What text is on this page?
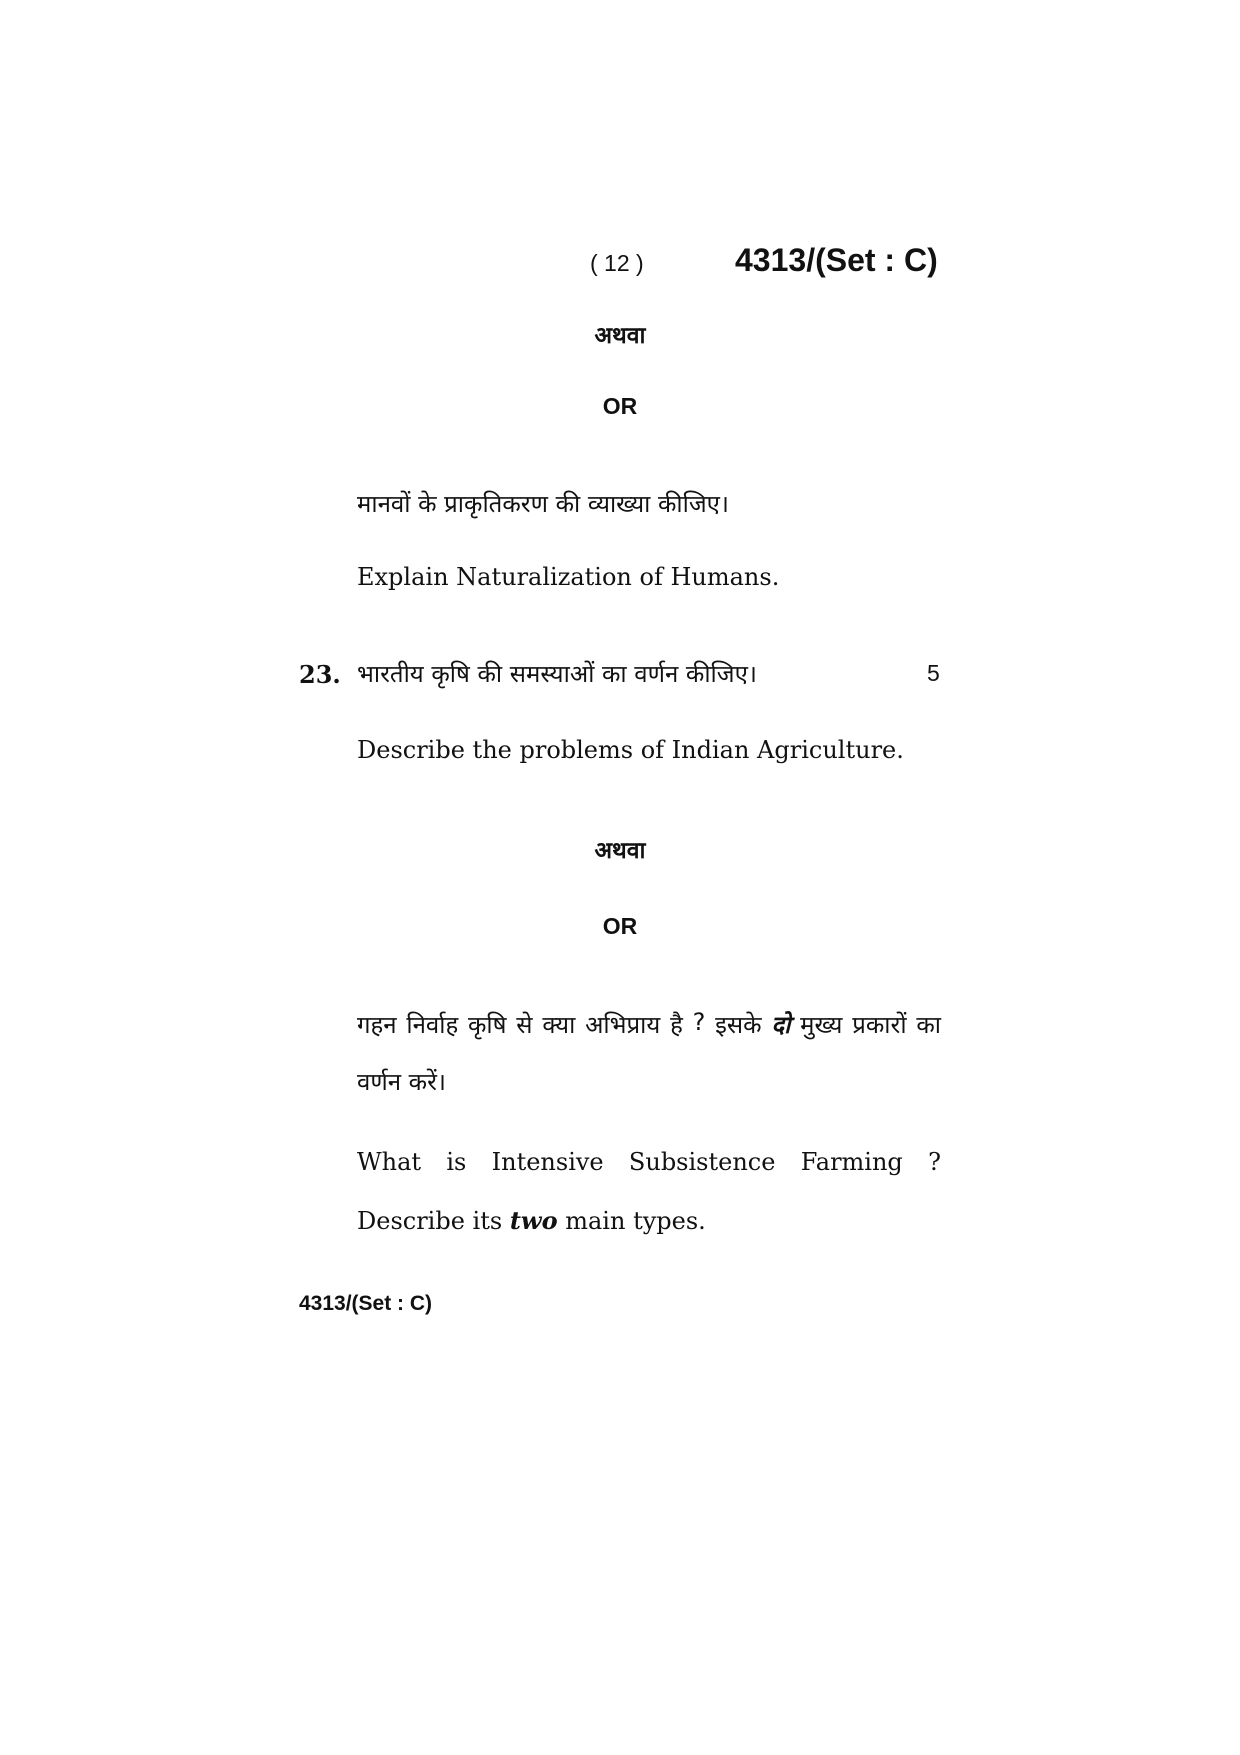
( 12 )	4313/(Set : C)
अथवा
OR
मानवों के प्राकृतिकरण की व्याख्या कीजिए।
Explain Naturalization of Humans.
23. भारतीय कृषि की समस्याओं का वर्णन कीजिए।	5
Describe the problems of Indian Agriculture.
अथवा
OR
गहन निर्वाह कृषि से क्या अभिप्राय है ? इसके दो मुख्य प्रकारों का
वर्णन करें।
What is Intensive Subsistence Farming ?
Describe its two main types.
4313/(Set : C)
